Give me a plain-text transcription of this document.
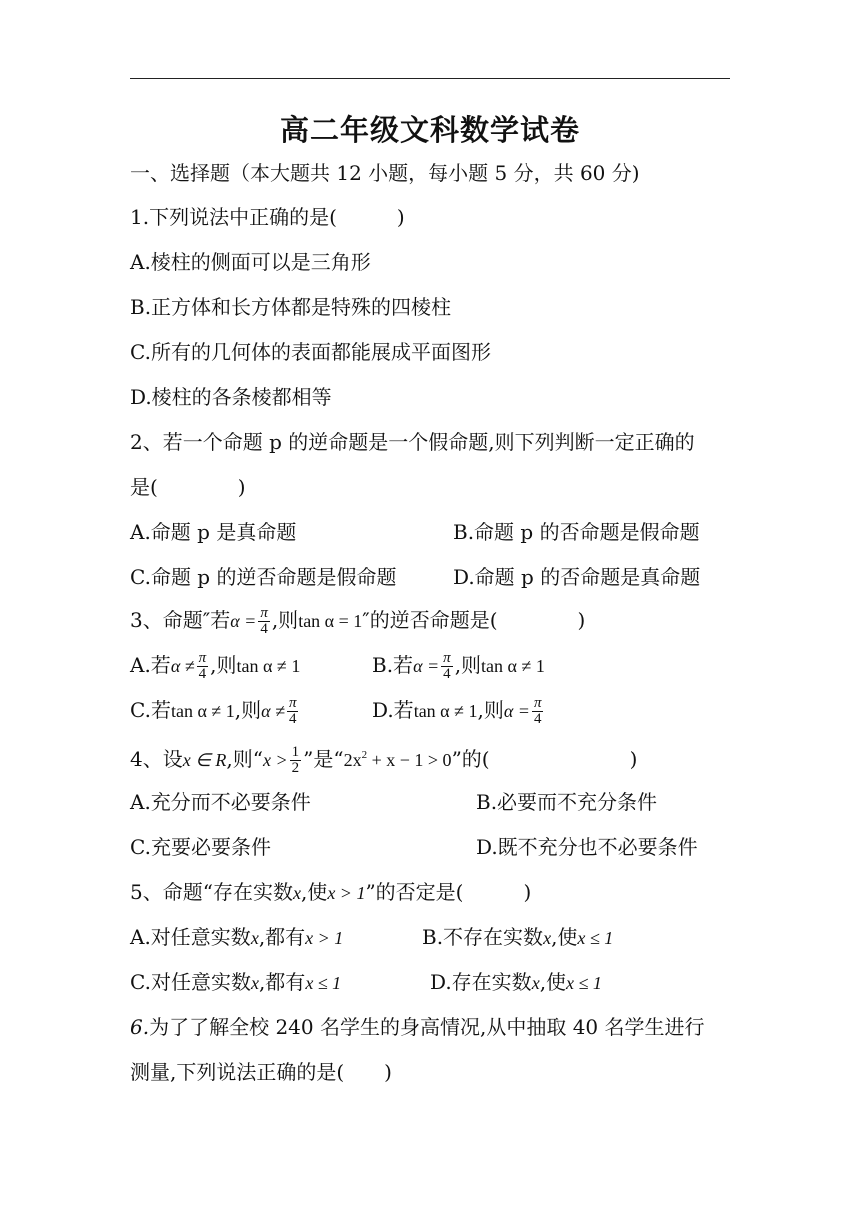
高二年级文科数学试卷
一、选择题（本大题共 12 小题，每小题 5 分，共 60 分)
1.下列说法中正确的是(　　　)
A.棱柱的侧面可以是三角形
B.正方体和长方体都是特殊的四棱柱
C.所有的几何体的表面都能展成平面图形
D.棱柱的各条棱都相等
2、若一个命题 p 的逆命题是一个假命题,则下列判断一定正确的
是(　　　　)
A.命题 p 是真命题	B.命题 p 的否命题是假命题
C.命题 p 的逆否命题是假命题	D.命题 p 的否命题是真命题
3、命题″若$\alpha = \frac{\pi}{4}$ ,则tan α = 1″的逆否命题是(　　　　)
A.若$\alpha \ne \frac{\pi}{4}$ ,则tan α ≠ 1	B.若$\alpha = \frac{\pi}{4}$ ,则tan α ≠ 1
C.若tan α ≠ 1,则$\alpha \ne \frac{\pi}{4}$	D.若tan α ≠ 1,则$\alpha = \frac{\pi}{4}$
4、设x ∈ R,则“$x > \frac{1}{2}$ ”是“$2x^2 + x - 1 > 0$”的(　　　　　　　)
A.充分而不必要条件	B.必要而不充分条件
C.充要必要条件	D.既不充分也不必要条件
5、命题“存在实数x,使x > 1”的否定是(　　　)
A.对任意实数x,都有x > 1	B.不存在实数x,使x ≤ 1
C.对任意实数x,都有x ≤ 1	D.存在实数x,使x ≤ 1
6.为了了解全校 240 名学生的身高情况,从中抽取 40 名学生进行
测量,下列说法正确的是(　　)
